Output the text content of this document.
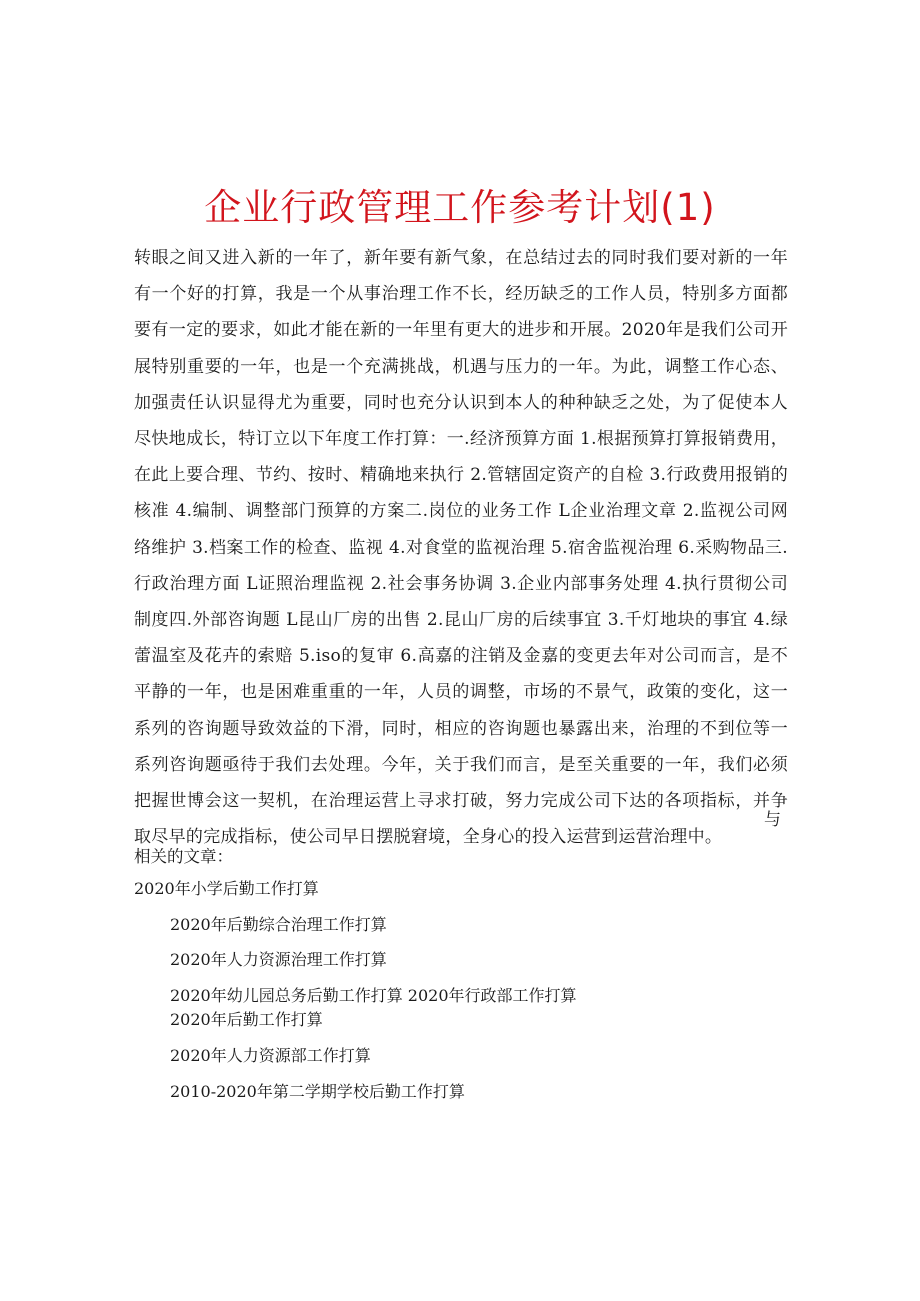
企业行政管理工作参考计划(1)

转眼之间又进入新的一年了，新年要有新气象，在总结过去的同时我们要对新的一年有一个好的打算，我是一个从事治理工作不长，经历缺乏的工作人员，特别多方面都要有一定的要求，如此才能在新的一年里有更大的进步和开展。2020年是我们公司开展特别重要的一年，也是一个充满挑战，机遇与压力的一年。为此，调整工作心态、加强责任认识显得尤为重要，同时也充分认识到本人的种种缺乏之处，为了促使本人尽快地成长，特订立以下年度工作打算：一.经济预算方面 1.根据预算打算报销费用，在此上要合理、节约、按时、精确地来执行 2.管辖固定资产的自检 3.行政费用报销的核准 4.编制、调整部门预算的方案二.岗位的业务工作 L企业治理文章 2.监视公司网络维护 3.档案工作的检查、监视 4.对食堂的监视治理 5.宿舍监视治理 6.采购物品三.行政治理方面 L证照治理监视 2.社会事务协调 3.企业内部事务处理 4.执行贯彻公司制度四.外部咨询题 L昆山厂房的出售 2.昆山厂房的后续事宜 3.千灯地块的事宜 4.绿蕾温室及花卉的索赔 5.iso的复审 6.高嘉的注销及金嘉的变更去年对公司而言，是不平静的一年，也是困难重重的一年，人员的调整，市场的不景气，政策的变化，这一系列的咨询题导致效益的下滑，同时，相应的咨询题也暴露出来，治理的不到位等一系列咨询题亟待于我们去处理。今年，关于我们而言，是至关重要的一年，我们必须把握世博会这一契机，在治理运营上寻求打破，努力完成公司下达的各项指标，并争取尽早的完成指标，使公司早日摆脱窘境，全身心的投入运营到运营治理中。

与
相关的文章：
2020年小学后勤工作打算
2020年后勤综合治理工作打算
2020年人力资源治理工作打算
2020年幼儿园总务后勤工作打算 2020年行政部工作打算
2020年后勤工作打算
2020年人力资源部工作打算
2010-2020年第二学期学校后勤工作打算
